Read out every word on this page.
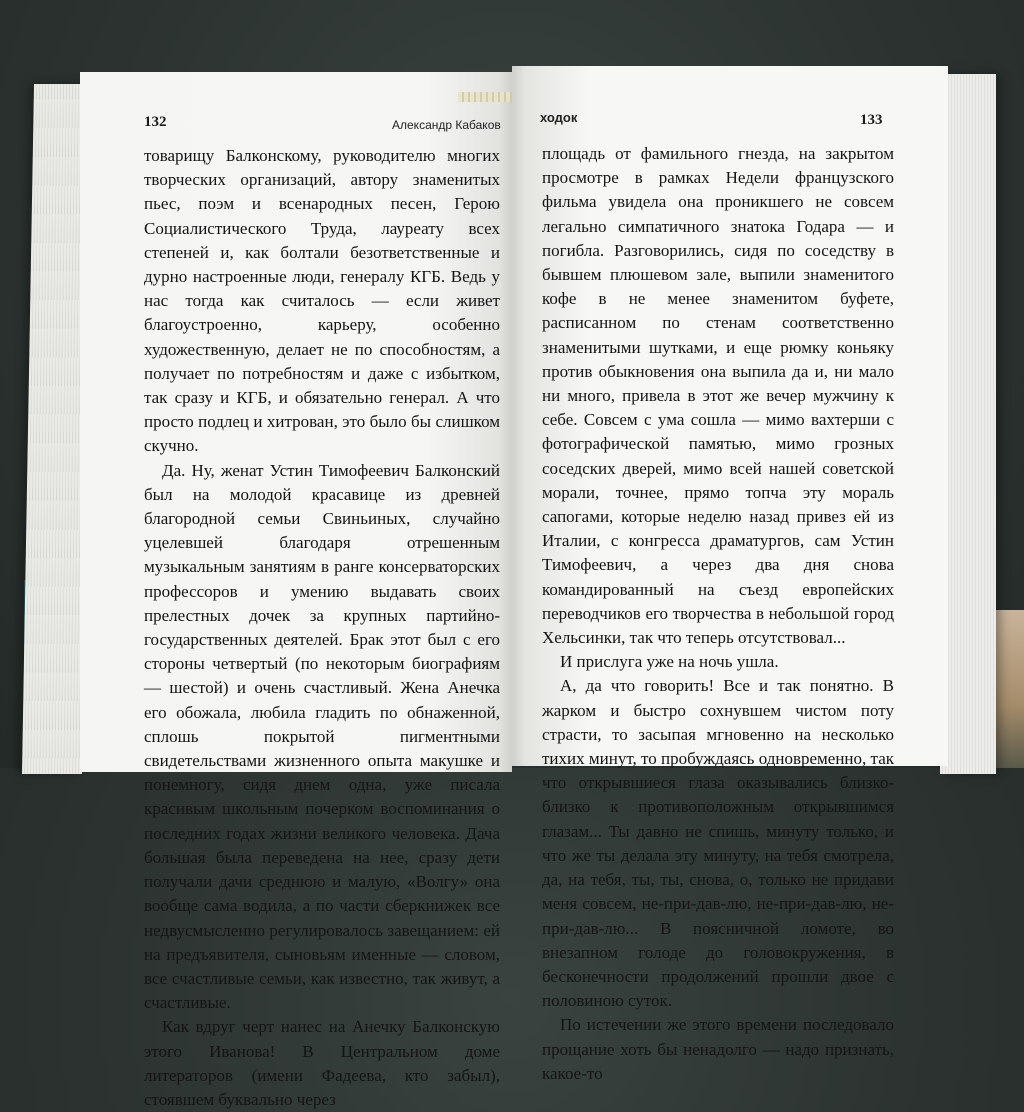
132	Александр Кабаков

товарищу Балконскому, руководителю многих творческих организаций, автору знаменитых пьес, поэм и всенародных песен, Герою Социалистического Труда, лауреату всех степеней и, как болтали безответственные и дурно настроенные люди, генералу КГБ. Ведь у нас тогда как считалось — если живет благоустроенно, карьеру, особенно художественную, делает не по способностям, а получает по потребностям и даже с избытком, так сразу и КГБ, и обязательно генерал. А что просто подлец и хитрован, это было бы слишком скучно.

Да. Ну, женат Устин Тимофеевич Балконский был на молодой красавице из древней благородной семьи Свиньиных, случайно уцелевшей благодаря отрешенным музыкальным занятиям в ранге консерваторских профессоров и умению выдавать своих прелестных дочек за крупных партийно-государственных деятелей. Брак этот был с его стороны четвертый (по некоторым биографиям — шестой) и очень счастливый. Жена Анечка его обожала, любила гладить по обнаженной, сплошь покрытой пигментными свидетельствами жизненного опыта макушке и понемногу, сидя днем одна, уже писала красивым школьным почерком воспоминания о последних годах жизни великого человека. Дача большая была переведена на нее, сразу дети получали дачи среднюю и малую, «Волгу» она вообще сама водила, а по части сберкнижек все недвусмысленно регулировалось завещанием: ей на предъявителя, сыновьям именные — словом, все счастливые семьи, как известно, так живут, а счастливые.

Как вдруг черт нанес на Анечку Балконскую этого Иванова! В Центральном доме литераторов (имени Фадеева, кто забыл), стоявшем буквально через

ходок	133

площадь от фамильного гнезда, на закрытом просмотре в рамках Недели французского фильма увидела она проникшего не совсем легально симпатичного знатока Годара — и погибла. Разговорились, сидя по соседству в бывшем плюшевом зале, выпили знаменитого кофе в не менее знаменитом буфете, расписанном по стенам соответственно знаменитыми шутками, и еще рюмку коньяку против обыкновения она выпила да и, ни мало ни много, привела в этот же вечер мужчину к себе. Совсем с ума сошла — мимо вахтерши с фотографической памятью, мимо грозных соседских дверей, мимо всей нашей советской морали, точнее, прямо топча эту мораль сапогами, которые неделю назад привез ей из Италии, с конгресса драматургов, сам Устин Тимофеевич, а через два дня снова командированный на съезд европейских переводчиков его творчества в небольшой город Хельсинки, так что теперь отсутствовал...

И прислуга уже на ночь ушла.

А, да что говорить! Все и так понятно. В жарком и быстро сохнувшем чистом поту страсти, то засыпая мгновенно на несколько тихих минут, то пробуждаясь одновременно, так что открывшиеся глаза оказывались близко-близко к противоположным открывшимся глазам... Ты давно не спишь, минуту только, и что же ты делала эту минуту, на тебя смотрела, да, на тебя, ты, ты, снова, о, только не придави меня совсем, не-при-дав-лю, не-при-дав-лю, не-при-дав-лю... В поясничной ломоте, во внезапном голоде до головокружения, в бесконечности продолжений прошли двое с половиною суток.

По истечении же этого времени последовало прощание хоть бы ненадолго — надо признать, какое-то
